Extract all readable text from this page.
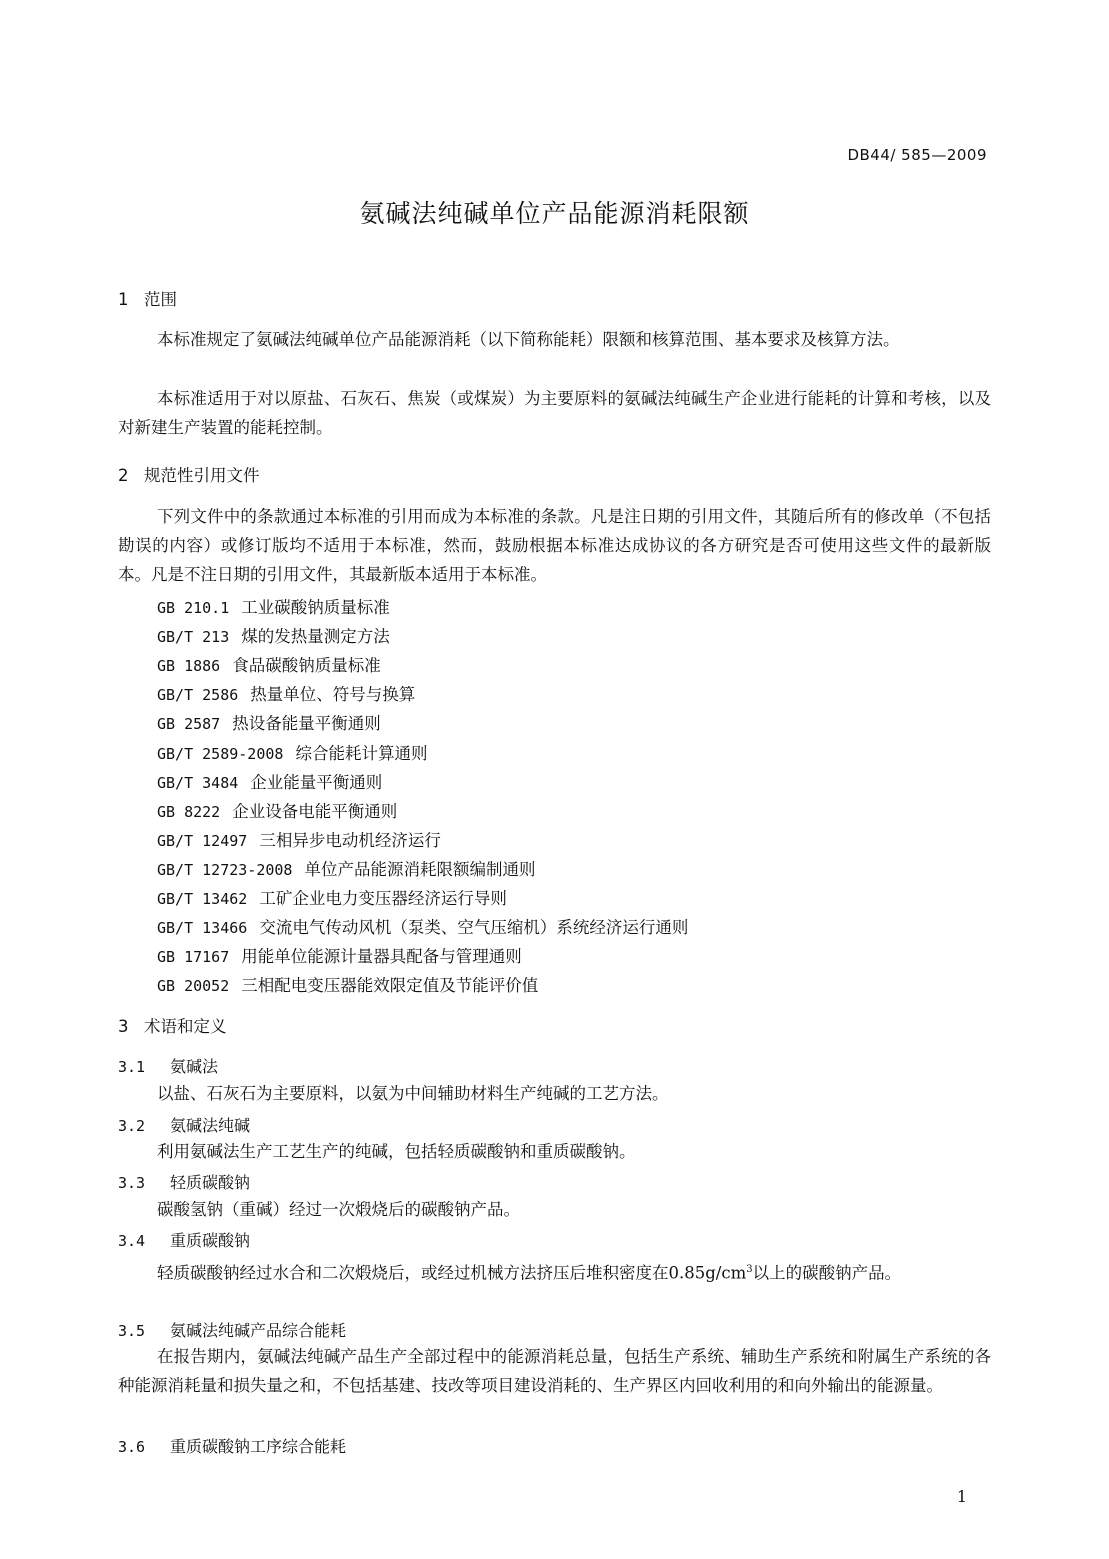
DB44/ 585—2009
氨碱法纯碱单位产品能源消耗限额
1 范围
本标准规定了氨碱法纯碱单位产品能源消耗（以下简称能耗）限额和核算范围、基本要求及核算方法。
本标准适用于对以原盐、石灰石、焦炭（或煤炭）为主要原料的氨碱法纯碱生产企业进行能耗的计算和考核，以及对新建生产装置的能耗控制。
2 规范性引用文件
下列文件中的条款通过本标准的引用而成为本标准的条款。凡是注日期的引用文件，其随后所有的修改单（不包括勘误的内容）或修订版均不适用于本标准，然而，鼓励根据本标准达成协议的各方研究是否可使用这些文件的最新版本。凡是不注日期的引用文件，其最新版本适用于本标准。
GB 210.1 工业碳酸钠质量标准
GB/T 213 煤的发热量测定方法
GB 1886 食品碳酸钠质量标准
GB/T 2586 热量单位、符号与换算
GB 2587 热设备能量平衡通则
GB/T 2589-2008 综合能耗计算通则
GB/T 3484 企业能量平衡通则
GB 8222 企业设备电能平衡通则
GB/T 12497 三相异步电动机经济运行
GB/T 12723-2008 单位产品能源消耗限额编制通则
GB/T 13462 工矿企业电力变压器经济运行导则
GB/T 13466 交流电气传动风机（泵类、空气压缩机）系统经济运行通则
GB 17167 用能单位能源计量器具配备与管理通则
GB 20052 三相配电变压器能效限定值及节能评价值
3 术语和定义
3.1 氨碱法
以盐、石灰石为主要原料，以氨为中间辅助材料生产纯碱的工艺方法。
3.2 氨碱法纯碱
利用氨碱法生产工艺生产的纯碱，包括轻质碳酸钠和重质碳酸钠。
3.3 轻质碳酸钠
碳酸氢钠（重碱）经过一次煅烧后的碳酸钠产品。
3.4 重质碳酸钠
轻质碳酸钠经过水合和二次煅烧后，或经过机械方法挤压后堆积密度在$0.85g/cm^3$以上的碳酸钠产品。
3.5 氨碱法纯碱产品综合能耗
在报告期内，氨碱法纯碱产品生产全部过程中的能源消耗总量，包括生产系统、辅助生产系统和附属生产系统的各种能源消耗量和损失量之和，不包括基建、技改等项目建设消耗的、生产界区内回收利用的和向外输出的能源量。
3.6 重质碳酸钠工序综合能耗
1
